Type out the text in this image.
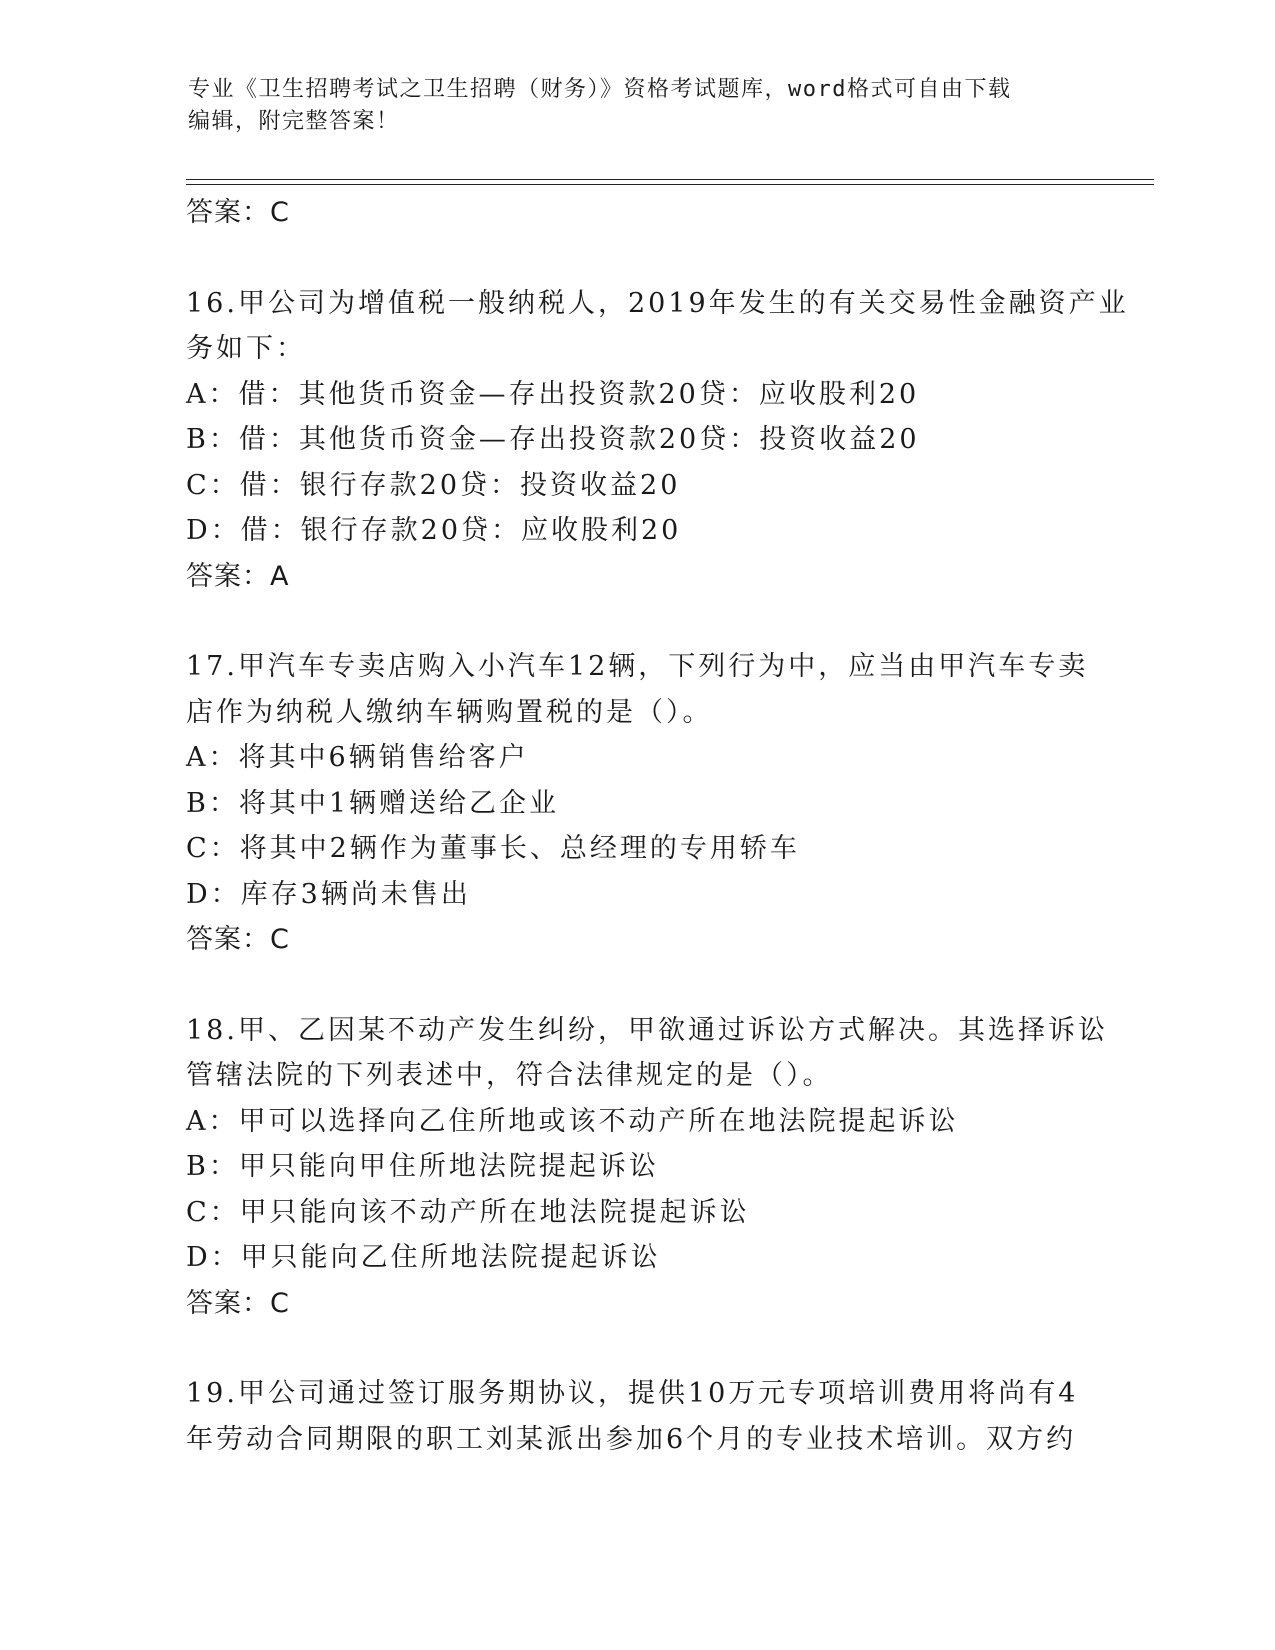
专业《卫生招聘考试之卫生招聘（财务）》资格考试题库，word格式可自由下载
编辑，附完整答案！
答案：C
16.甲公司为增值税一般纳税人，2019年发生的有关交易性金融资产业
务如下：
A：借：其他货币资金—存出投资款20贷：应收股利20
B：借：其他货币资金—存出投资款20贷：投资收益20
C：借：银行存款20贷：投资收益20
D：借：银行存款20贷：应收股利20
答案：A
17.甲汽车专卖店购入小汽车12辆，下列行为中，应当由甲汽车专卖
店作为纳税人缴纳车辆购置税的是（）。
A：将其中6辆销售给客户
B：将其中1辆赠送给乙企业
C：将其中2辆作为董事长、总经理的专用轿车
D：库存3辆尚未售出
答案：C
18.甲、乙因某不动产发生纠纷，甲欲通过诉讼方式解决。其选择诉讼
管辖法院的下列表述中，符合法律规定的是（）。
A：甲可以选择向乙住所地或该不动产所在地法院提起诉讼
B：甲只能向甲住所地法院提起诉讼
C：甲只能向该不动产所在地法院提起诉讼
D：甲只能向乙住所地法院提起诉讼
答案：C
19.甲公司通过签订服务期协议，提供10万元专项培训费用将尚有4
年劳动合同期限的职工刘某派出参加6个月的专业技术培训。双方约
